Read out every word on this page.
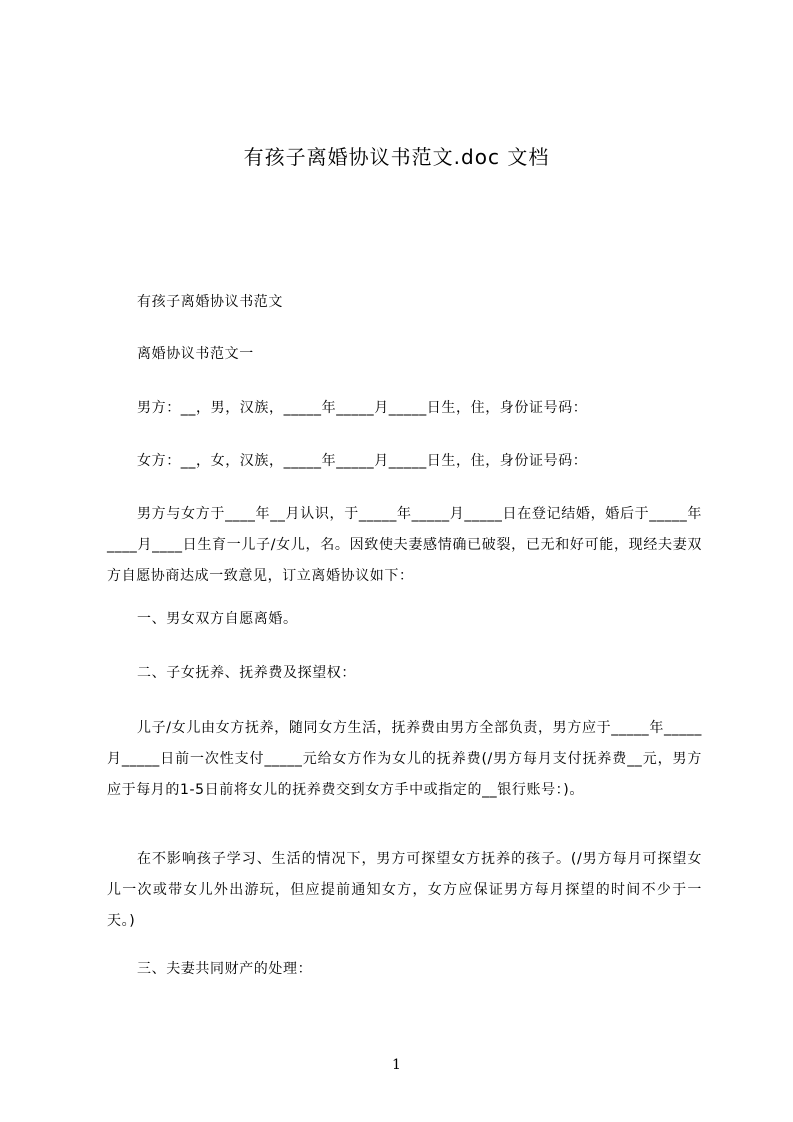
有孩子离婚协议书范文.doc 文档

有孩子离婚协议书范文

离婚协议书范文一

男方：__，男，汉族，_____年_____月_____日生，住，身份证号码：

女方：__，女，汉族，_____年_____月_____日生，住，身份证号码：

男方与女方于____年__月认识，于_____年_____月_____日在登记结婚，婚后于_____年____月____日生育一儿子/女儿，名。因致使夫妻感情确已破裂，已无和好可能，现经夫妻双方自愿协商达成一致意见，订立离婚协议如下：

一、男女双方自愿离婚。

二、子女抚养、抚养费及探望权：

儿子/女儿由女方抚养，随同女方生活，抚养费由男方全部负责，男方应于_____年_____月_____日前一次性支付_____元给女方作为女儿的抚养费(/男方每月支付抚养费__元，男方应于每月的1-5日前将女儿的抚养费交到女方手中或指定的__银行账号：)。

在不影响孩子学习、生活的情况下，男方可探望女方抚养的孩子。(/男方每月可探望女儿一次或带女儿外出游玩，但应提前通知女方，女方应保证男方每月探望的时间不少于一天。)

三、夫妻共同财产的处理：

1
